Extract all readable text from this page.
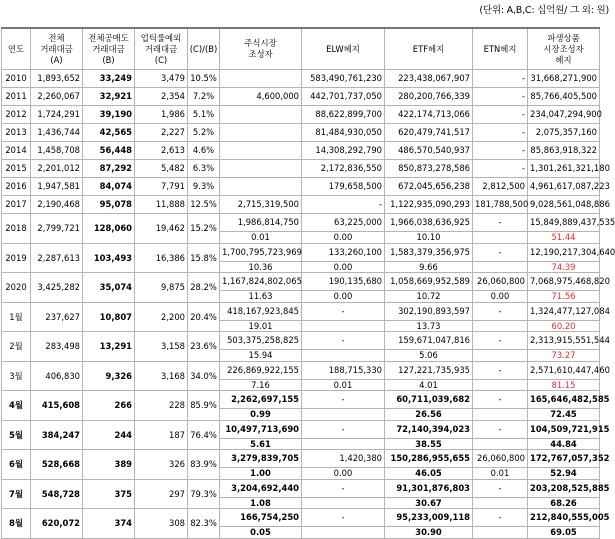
(단위: A,B,C: 십억원/ 그 외: 원)
연도	전체
거래대금
(A)	전체공매도
거래대금
(B)	업틱룰예외
거래대금
(C)	(C)/(B)	주식시장
조성자	ELW헤지	ETF헤지	ETN헤지	파생상품
시장조성자
헤지
2010	1,893,652	33,249	3,479	10.5%		583,490,761,230	223,438,067,907	-	31,668,271,900
2011	2,260,067	32,921	2,354	7.2%	4,600,000	442,701,737,050	280,200,766,339	-	85,766,405,500
2012	1,724,291	39,190	1,986	5.1%		88,622,899,700	422,174,713,066	-	234,047,294,900
2013	1,436,744	42,565	2,227	5.2%		81,484,930,050	620,479,741,517	-	2,075,357,160
2014	1,458,708	56,448	2,613	4.6%		14,308,292,790	486,570,540,937	-	85,863,918,322
2015	2,201,012	87,292	5,482	6.3%		2,172,836,550	850,873,278,586	-	1,301,261,321,180
2016	1,947,581	84,074	7,791	9.3%		179,658,500	672,045,656,238	2,812,500	4,961,617,087,223
2017	2,190,468	95,078	11,888	12.5%	2,715,319,500	-	1,122,935,090,293	181,788,500	9,028,561,048,886
2018	2,799,721	128,060	19,462	15.2%	1,986,814,750	63,225,000	1,966,038,636,925	-	15,849,889,437,535
					0.01	0.00	10.10		51.44
2019	2,287,613	103,493	16,386	15.8%	1,700,795,723,969	133,260,100	1,583,379,356,975	-	12,190,217,304,640
					10.36	0.00	9.66		74.39
2020	3,425,282	35,074	9,875	28.2%	1,167,824,802,065	190,135,680	1,058,669,952,589	26,060,800	7,068,975,468,820
					11.63	0.00	10.72	0.00	71.56
1월	237,627	10,807	2,200	20.4%	418,167,923,845	-	302,190,893,597	-	1,324,477,127,084
					19.01		13.73		60.20
2월	283,498	13,291	3,158	23.6%	503,375,258,825	-	159,671,047,816	-	2,313,915,551,544
					15.94		5.06		73.27
3월	406,830	9,326	3,168	34.0%	226,869,922,155	188,715,330	127,221,735,935	-	2,571,610,447,460
					7.16	0.01	4.01		81.15
4월	415,608	266	228	85.9%	2,262,697,155	-	60,711,039,682	-	165,646,482,585
					0.99		26.56		72.45
5월	384,247	244	187	76.4%	10,497,713,690	-	72,140,394,023	-	104,509,721,915
					5.61		38.55		44.84
6월	528,668	389	326	83.9%	3,279,839,705	1,420,380	150,286,955,655	26,060,800	172,767,057,352
					1.00	0.00	46.05	0.01	52.94
7월	548,728	375	297	79.3%	3,204,692,440	-	91,301,876,803	-	203,208,525,885
					1.08		30.67		68.26
8월	620,072	374	308	82.3%	166,754,250	-	95,233,009,118	-	212,840,555,005
					0.05		30.90		69.05
